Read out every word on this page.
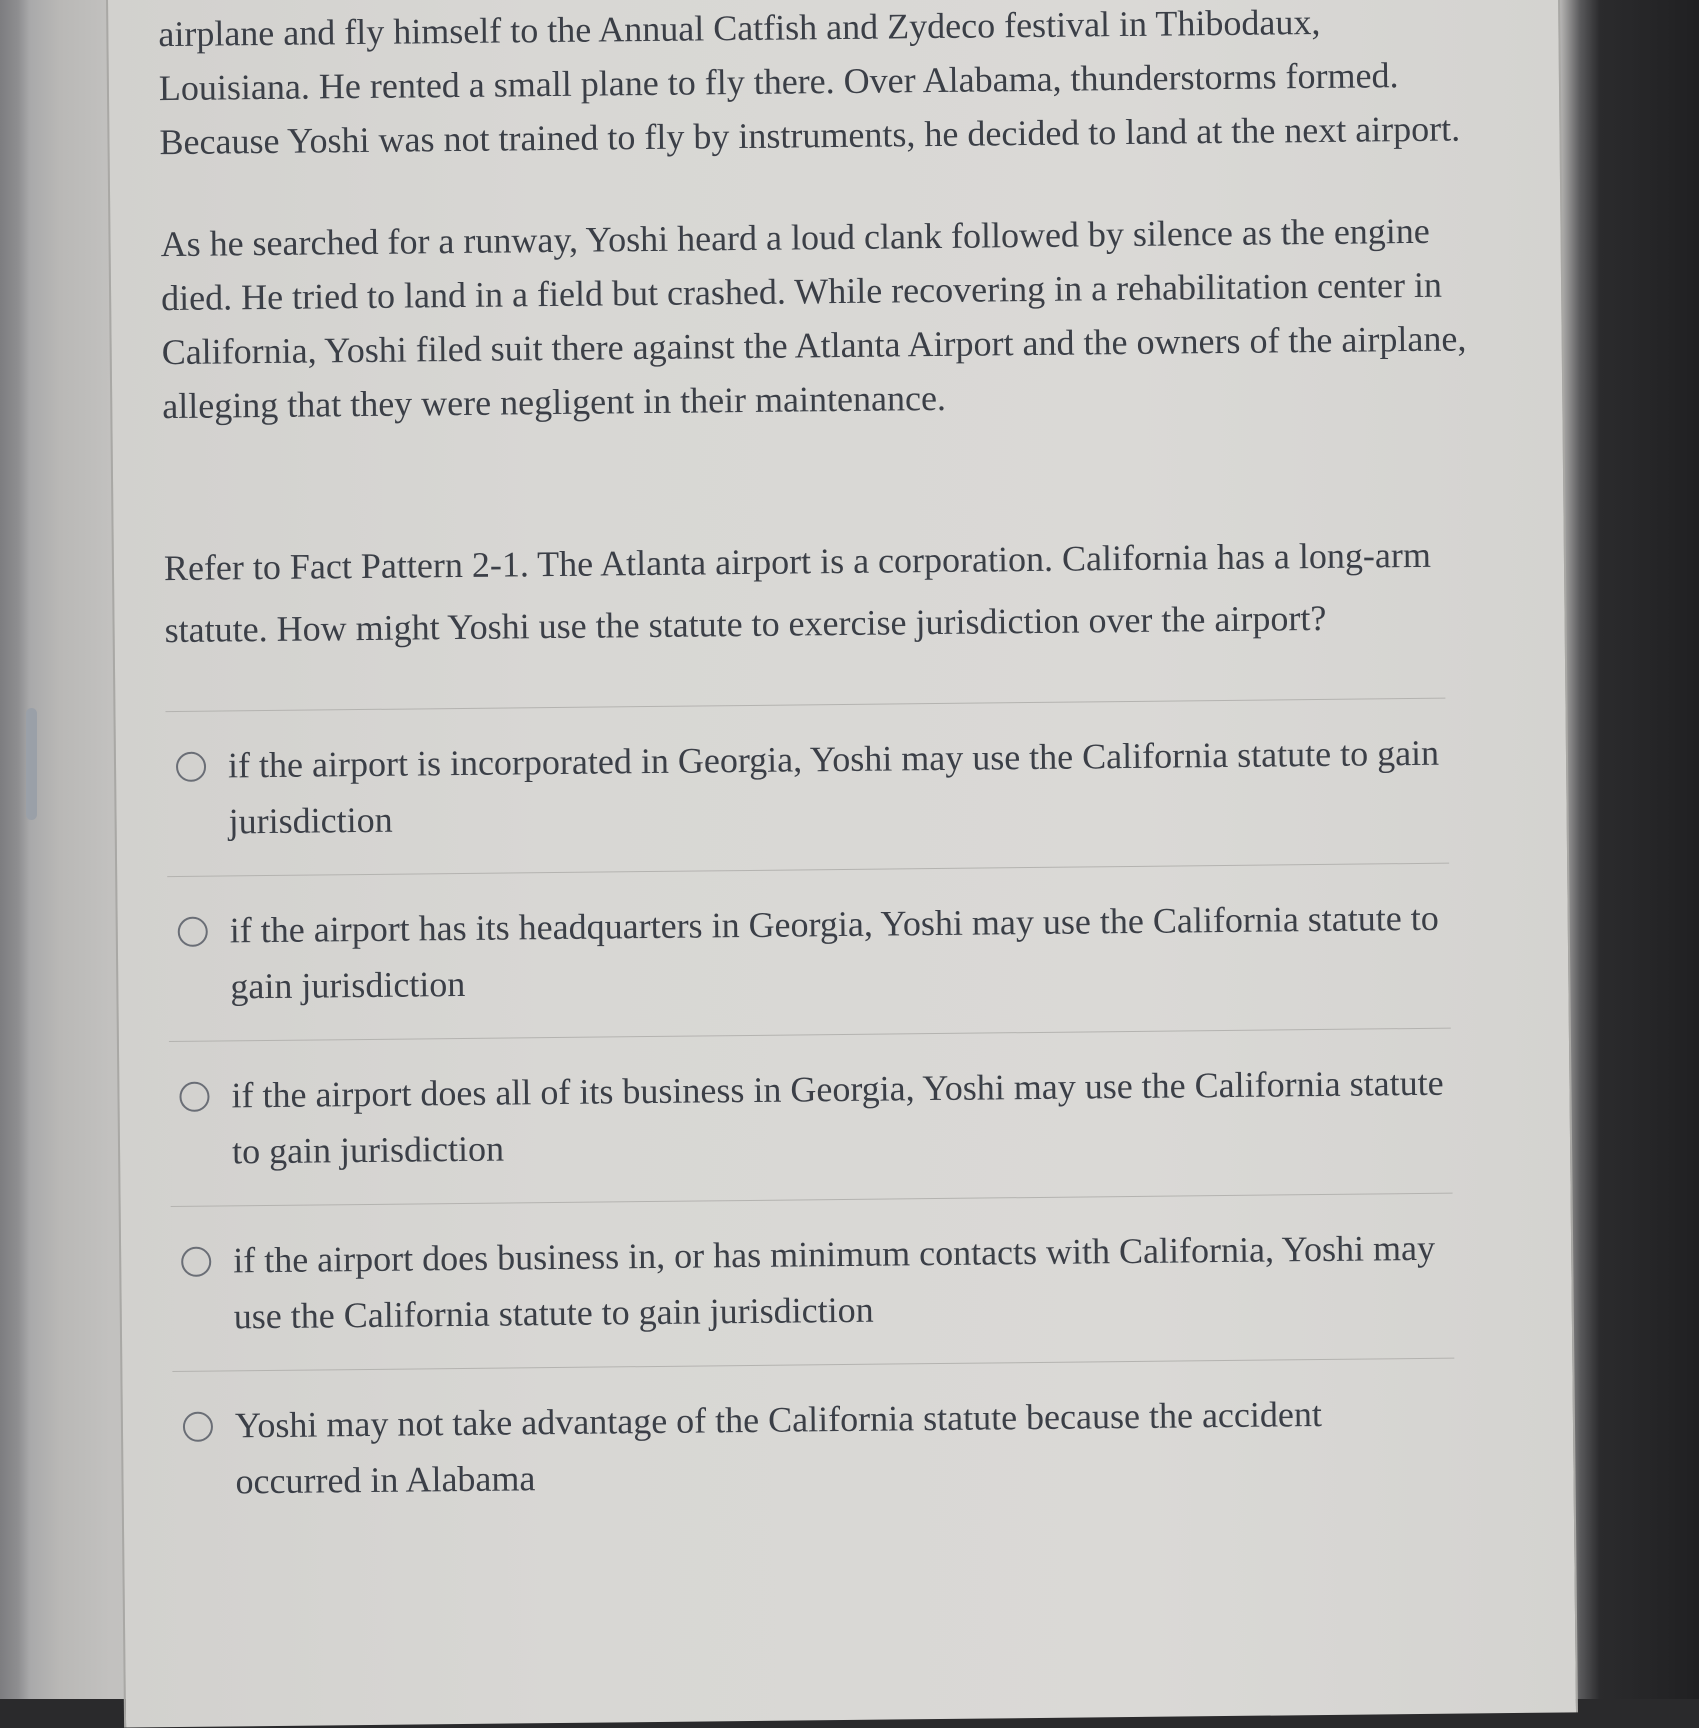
airplane and fly himself to the Annual Catfish and Zydeco festival in Thibodaux, Louisiana. He rented a small plane to fly there. Over Alabama, thunderstorms formed. Because Yoshi was not trained to fly by instruments, he decided to land at the next airport.

As he searched for a runway, Yoshi heard a loud clank followed by silence as the engine died. He tried to land in a field but crashed. While recovering in a rehabilitation center in California, Yoshi filed suit there against the Atlanta Airport and the owners of the airplane, alleging that they were negligent in their maintenance.

Refer to Fact Pattern 2-1. The Atlanta airport is a corporation. California has a long-arm statute. How might Yoshi use the statute to exercise jurisdiction over the airport?

if the airport is incorporated in Georgia, Yoshi may use the California statute to gain jurisdiction
if the airport has its headquarters in Georgia, Yoshi may use the California statute to gain jurisdiction
if the airport does all of its business in Georgia, Yoshi may use the California statute to gain jurisdiction
if the airport does business in, or has minimum contacts with California, Yoshi may use the California statute to gain jurisdiction
Yoshi may not take advantage of the California statute because the accident occurred in Alabama
